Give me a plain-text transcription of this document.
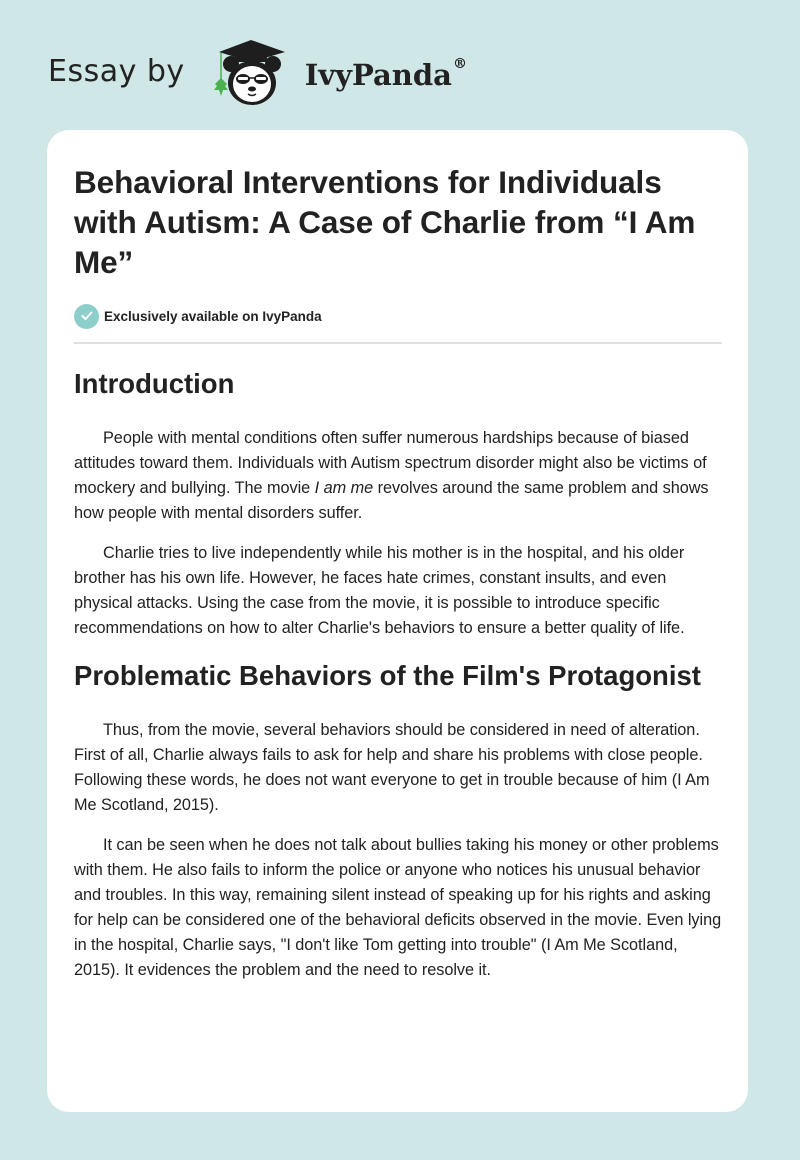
Essay by	IvyPanda®
Behavioral Interventions for Individuals with Autism: A Case of Charlie from “I Am Me”
Exclusively available on IvyPanda
Introduction

People with mental conditions often suffer numerous hardships because of biased attitudes toward them. Individuals with Autism spectrum disorder might also be victims of mockery and bullying. The movie I am me revolves around the same problem and shows how people with mental disorders suffer.

Charlie tries to live independently while his mother is in the hospital, and his older brother has his own life. However, he faces hate crimes, constant insults, and even physical attacks. Using the case from the movie, it is possible to introduce specific recommendations on how to alter Charlie's behaviors to ensure a better quality of life.

Problematic Behaviors of the Film's Protagonist

Thus, from the movie, several behaviors should be considered in need of alteration. First of all, Charlie always fails to ask for help and share his problems with close people. Following these words, he does not want everyone to get in trouble because of him (I Am Me Scotland, 2015).

It can be seen when he does not talk about bullies taking his money or other problems with them. He also fails to inform the police or anyone who notices his unusual behavior and troubles. In this way, remaining silent instead of speaking up for his rights and asking for help can be considered one of the behavioral deficits observed in the movie. Even lying in the hospital, Charlie says, "I don't like Tom getting into trouble" (I Am Me Scotland, 2015). It evidences the problem and the need to resolve it.
